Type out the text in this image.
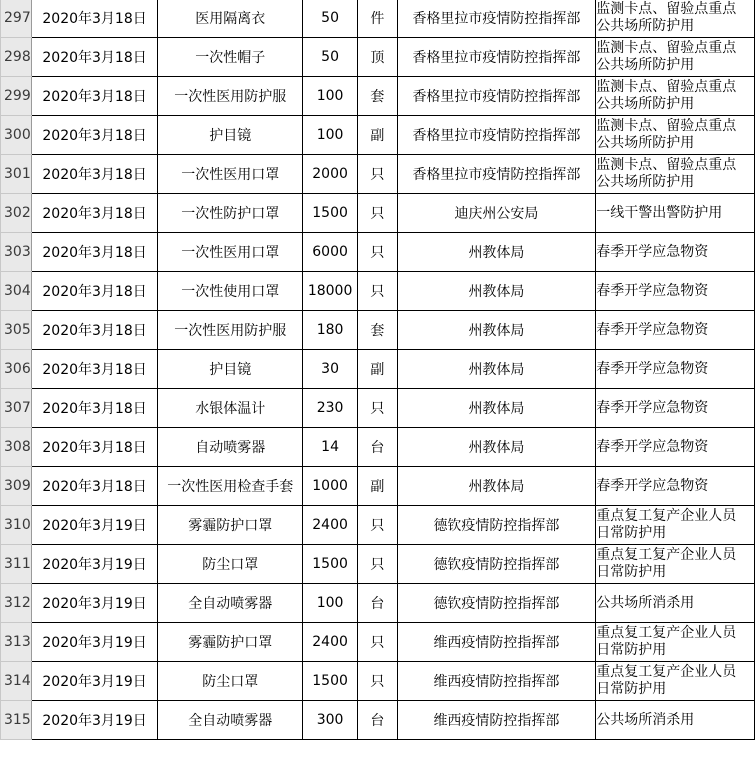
297	2020年3月18日	医用隔离衣	50	件	香格里拉市疫情防控指挥部	监测卡点、留验点重点
公共场所防护用

298	2020年3月18日	一次性帽子	50	顶	香格里拉市疫情防控指挥部	监测卡点、留验点重点
公共场所防护用

299	2020年3月18日	一次性医用防护服	100	套	香格里拉市疫情防控指挥部	监测卡点、留验点重点
公共场所防护用

300	2020年3月18日	护目镜	100	副	香格里拉市疫情防控指挥部	监测卡点、留验点重点
公共场所防护用

301	2020年3月18日	一次性医用口罩	2000	只	香格里拉市疫情防控指挥部	监测卡点、留验点重点
公共场所防护用

302	2020年3月18日	一次性防护口罩	1500	只	迪庆州公安局	一线干警出警防护用

303	2020年3月18日	一次性医用口罩	6000	只	州教体局	春季开学应急物资

304	2020年3月18日	一次性使用口罩	18000	只	州教体局	春季开学应急物资

305	2020年3月18日	一次性医用防护服	180	套	州教体局	春季开学应急物资

306	2020年3月18日	护目镜	30	副	州教体局	春季开学应急物资

307	2020年3月18日	水银体温计	230	只	州教体局	春季开学应急物资

308	2020年3月18日	自动喷雾器	14	台	州教体局	春季开学应急物资

309	2020年3月18日	一次性医用检查手套	1000	副	州教体局	春季开学应急物资

310	2020年3月19日	雾霾防护口罩	2400	只	德钦疫情防控指挥部	重点复工复产企业人员
日常防护用

311	2020年3月19日	防尘口罩	1500	只	德钦疫情防控指挥部	重点复工复产企业人员
日常防护用

312	2020年3月19日	全自动喷雾器	100	台	德钦疫情防控指挥部	公共场所消杀用

313	2020年3月19日	雾霾防护口罩	2400	只	维西疫情防控指挥部	重点复工复产企业人员
日常防护用

314	2020年3月19日	防尘口罩	1500	只	维西疫情防控指挥部	重点复工复产企业人员
日常防护用

315	2020年3月19日	全自动喷雾器	300	台	维西疫情防控指挥部	公共场所消杀用
